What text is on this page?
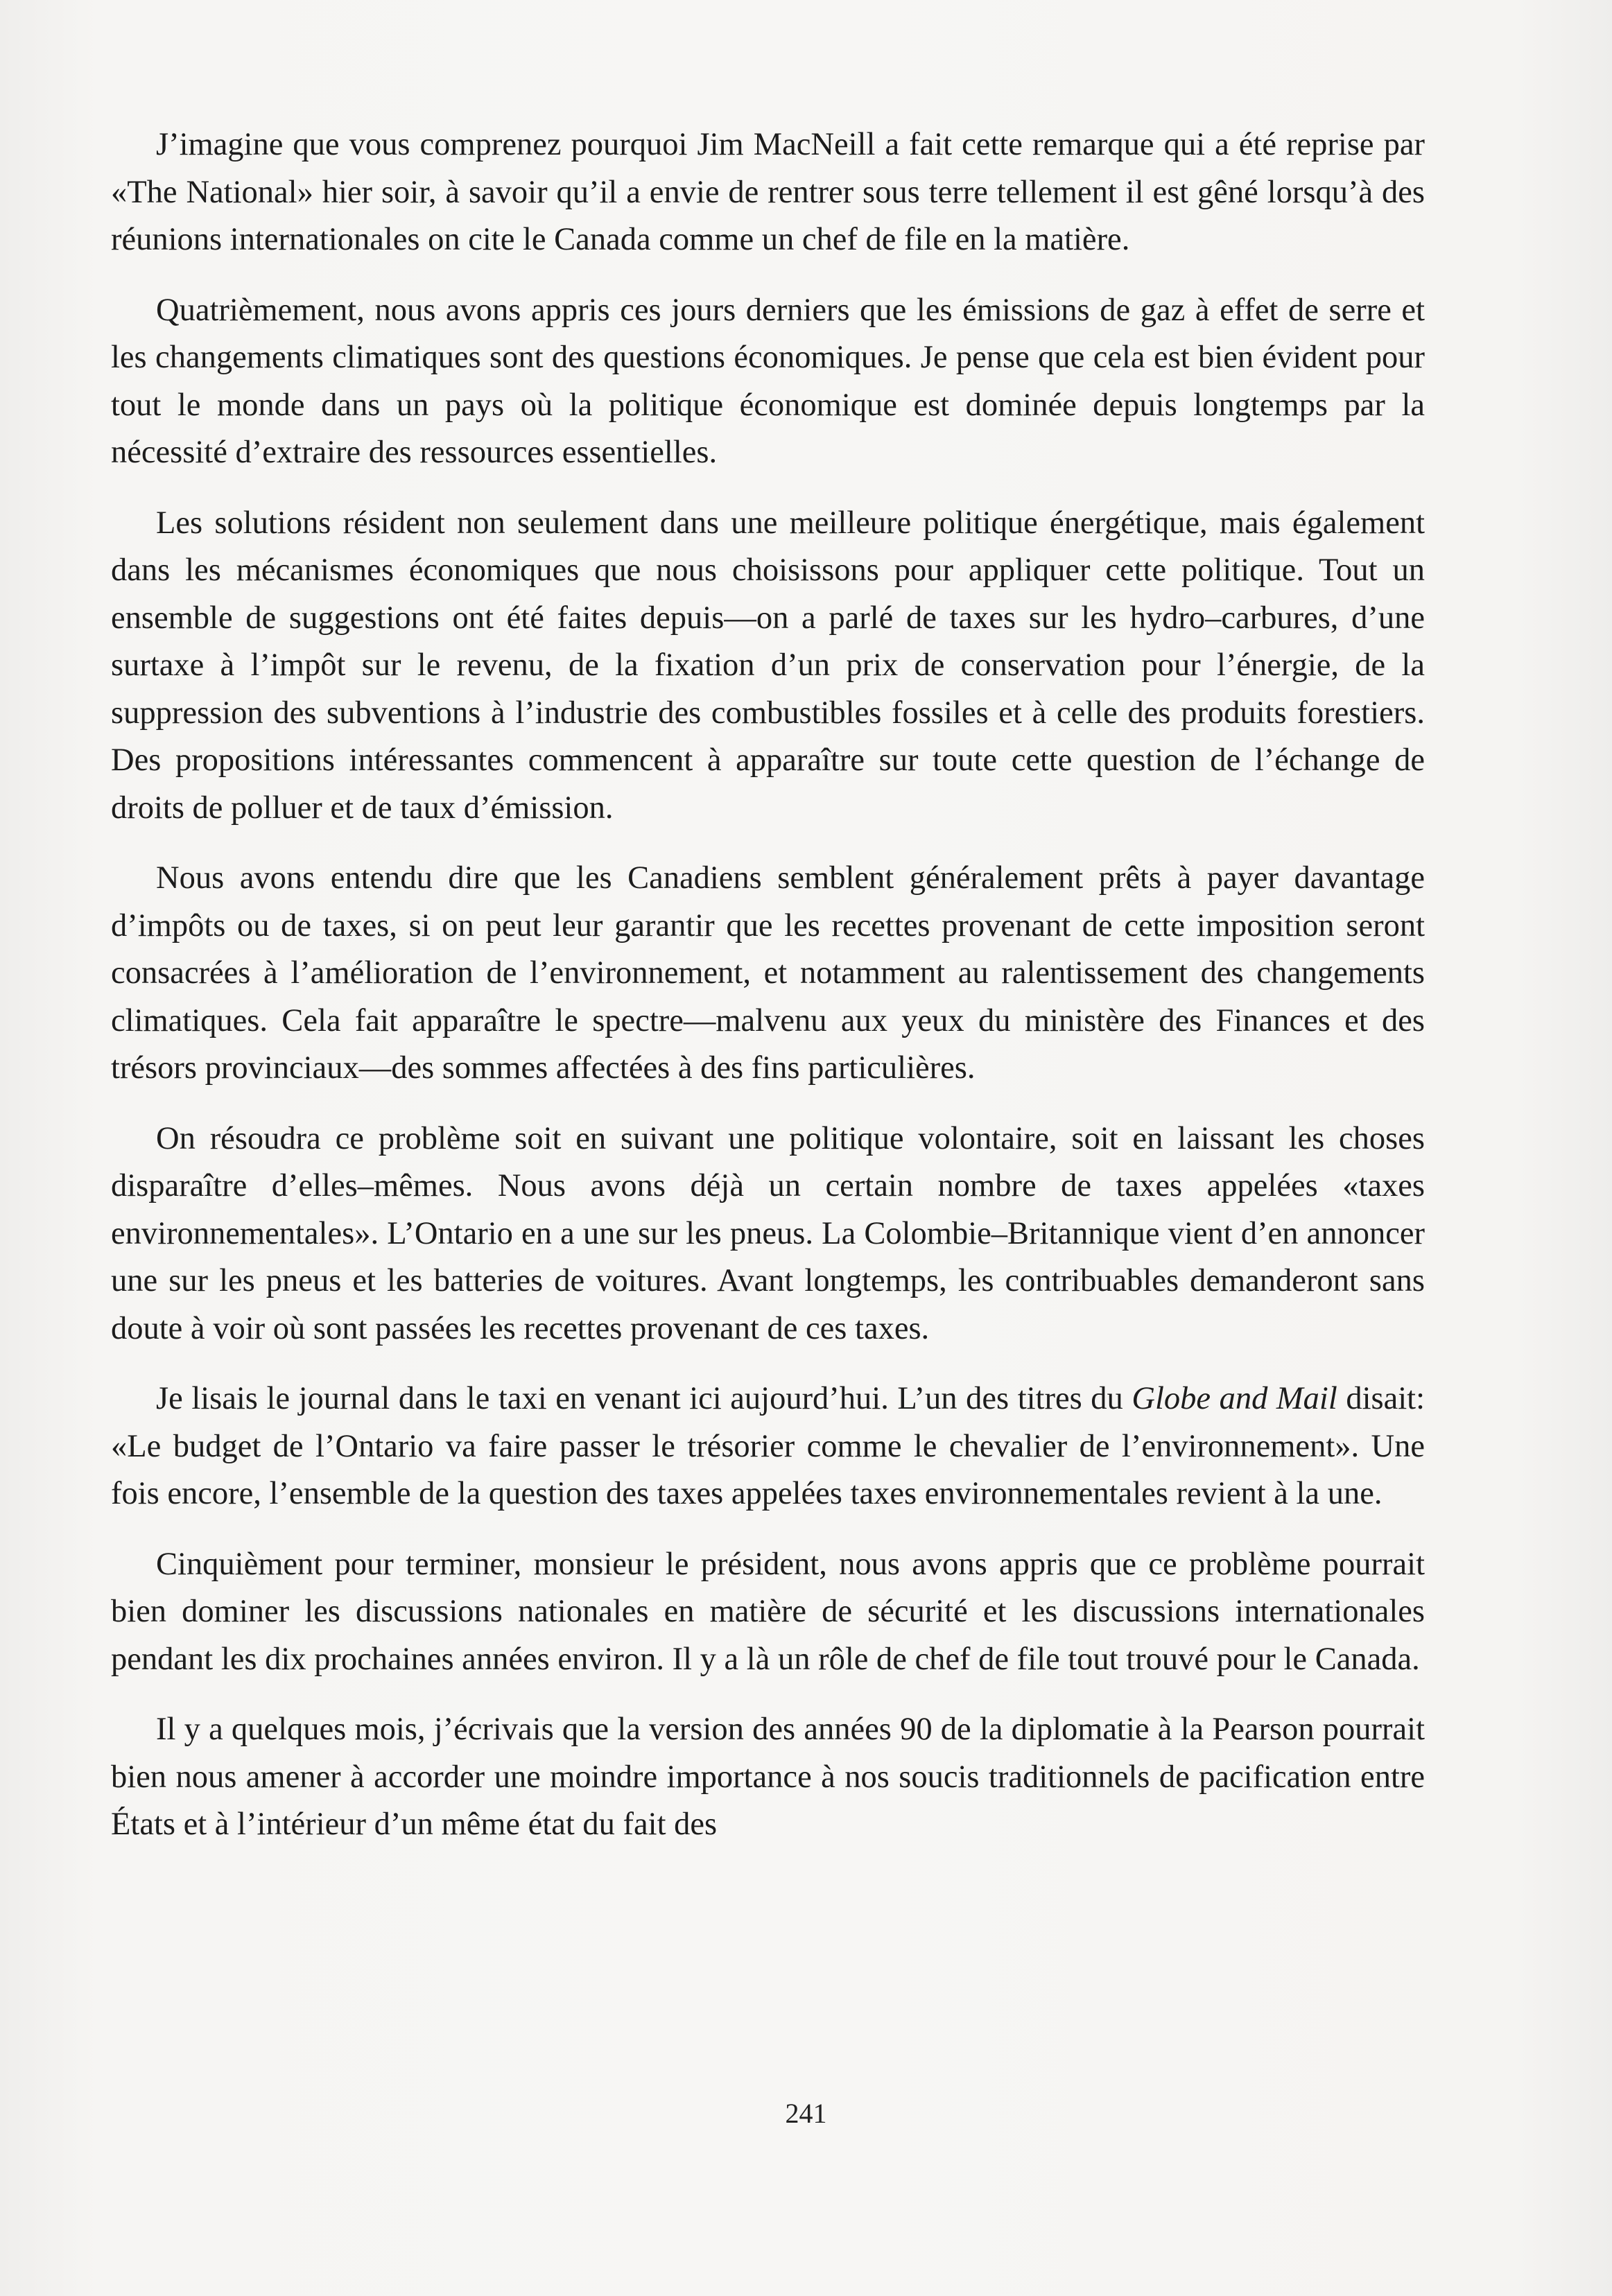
J’imagine que vous comprenez pourquoi Jim MacNeill a fait cette remarque qui a été reprise par «The National» hier soir, à savoir qu’il a envie de rentrer sous terre tellement il est gêné lorsqu’à des réunions internationales on cite le Canada comme un chef de file en la matière.

Quatrièmement, nous avons appris ces jours derniers que les émissions de gaz à effet de serre et les changements climatiques sont des questions économiques. Je pense que cela est bien évident pour tout le monde dans un pays où la politique économique est dominée depuis longtemps par la nécessité d’extraire des ressources essentielles.

Les solutions résident non seulement dans une meilleure politique énergétique, mais également dans les mécanismes économiques que nous choisissons pour appliquer cette politique. Tout un ensemble de suggestions ont été faites depuis—on a parlé de taxes sur les hydro–carbures, d’une surtaxe à l’impôt sur le revenu, de la fixation d’un prix de conservation pour l’énergie, de la suppression des subventions à l’industrie des combustibles fossiles et à celle des produits forestiers. Des propositions intéressantes commencent à apparaître sur toute cette question de l’échange de droits de polluer et de taux d’émission.

Nous avons entendu dire que les Canadiens semblent généralement prêts à payer davantage d’impôts ou de taxes, si on peut leur garantir que les recettes provenant de cette imposition seront consacrées à l’amélioration de l’environnement, et notamment au ralentissement des changements climatiques. Cela fait apparaître le spectre—malvenu aux yeux du ministère des Finances et des trésors provinciaux—des sommes affectées à des fins particulières.

On résoudra ce problème soit en suivant une politique volontaire, soit en laissant les choses disparaître d’elles–mêmes. Nous avons déjà un certain nombre de taxes appelées «taxes environnementales». L’Ontario en a une sur les pneus. La Colombie–Britannique vient d’en annoncer une sur les pneus et les batteries de voitures. Avant longtemps, les contribuables demanderont sans doute à voir où sont passées les recettes provenant de ces taxes.

Je lisais le journal dans le taxi en venant ici aujourd’hui. L’un des titres du Globe and Mail disait: «Le budget de l’Ontario va faire passer le trésorier comme le chevalier de l’environnement». Une fois encore, l’ensemble de la question des taxes appelées taxes environnementales revient à la une.

Cinquièment pour terminer, monsieur le président, nous avons appris que ce problème pourrait bien dominer les discussions nationales en matière de sécurité et les discussions internationales pendant les dix prochaines années environ. Il y a là un rôle de chef de file tout trouvé pour le Canada.

Il y a quelques mois, j’écrivais que la version des années 90 de la diplomatie à la Pearson pourrait bien nous amener à accorder une moindre importance à nos soucis traditionnels de pacification entre États et à l’intérieur d’un même état du fait des

241
